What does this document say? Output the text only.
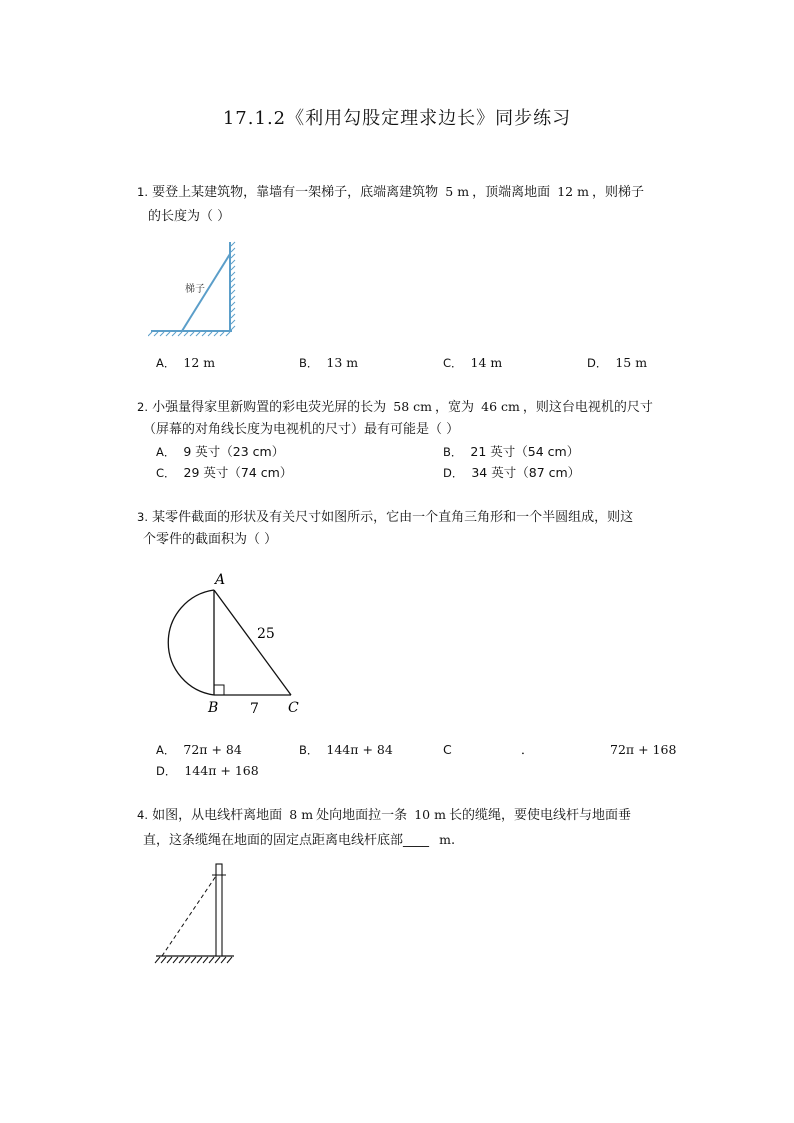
17.1.2《利用勾股定理求边长》同步练习
1. 要登上某建筑物，靠墙有一架梯子，底端离建筑物 5 m ，顶端离地面 12 m ，则梯子
的长度为（ ）
梯子
A． 12 m	B． 13 m	C． 14 m	D． 15 m
2. 小强量得家里新购置的彩电荧光屏的长为 58 cm ，宽为 46 cm ，则这台电视机的尺寸
（屏幕的对角线长度为电视机的尺寸）最有可能是（ ）
A． 9 英寸（23 cm）	B． 21 英寸（54 cm）
C． 29 英寸（74 cm）	D． 34 英寸（87 cm）
3. 某零件截面的形状及有关尺寸如图所示，它由一个直角三角形和一个半圆组成，则这
个零件的截面积为（ ）
A
B	C
25
7
A． 72π + 84	B． 144π + 84	C	．	72π + 168
D． 144π + 168
4. 如图，从电线杆离地面 8 m 处向地面拉一条 10 m 长的缆绳，要使电线杆与地面垂
直，这条缆绳在地面的固定点距离电线杆底部____ m.
